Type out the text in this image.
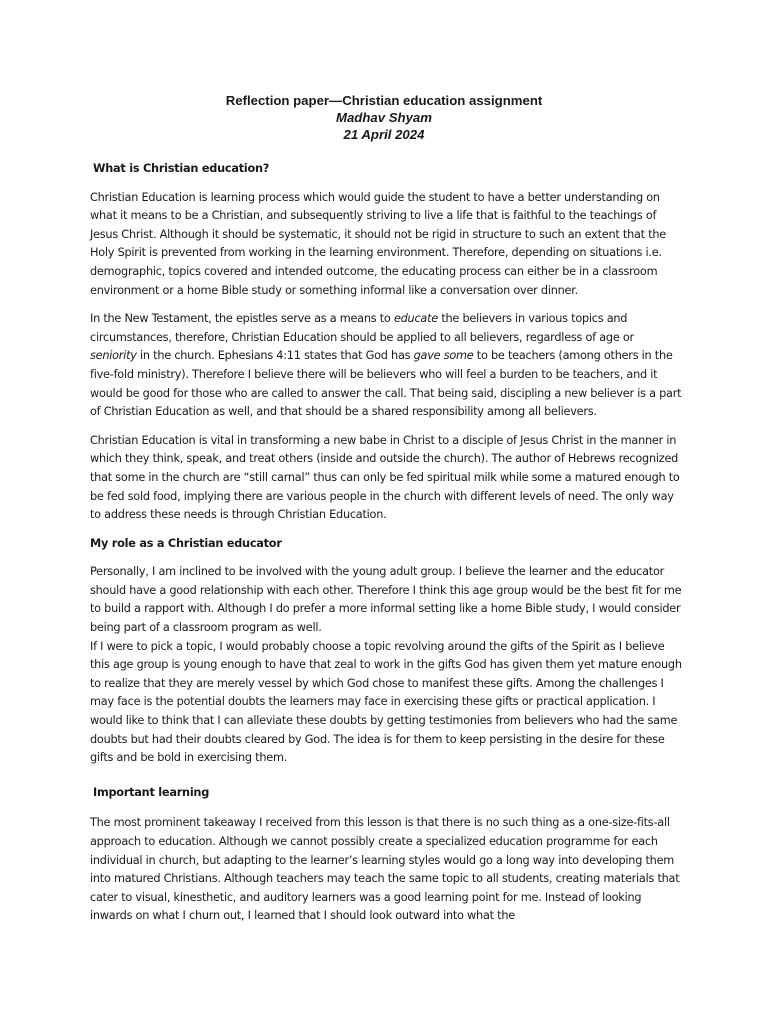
Reflection paper—Christian education assignment
Madhav Shyam
21 April 2024
What is Christian education?

Christian Education is learning process which would guide the student to have a better understanding on what it means to be a Christian, and subsequently striving to live a life that is faithful to the teachings of Jesus Christ. Although it should be systematic, it should not be rigid in structure to such an extent that the Holy Spirit is prevented from working in the learning environment. Therefore, depending on situations i.e. demographic, topics covered and intended outcome, the educating process can either be in a classroom environment or a home Bible study or something informal like a conversation over dinner.

In the New Testament, the epistles serve as a means to educate the believers in various topics and circumstances, therefore, Christian Education should be applied to all believers, regardless of age or seniority in the church. Ephesians 4:11 states that God has gave some to be teachers (among others in the five-fold ministry). Therefore I believe there will be believers who will feel a burden to be teachers, and it would be good for those who are called to answer the call. That being said, discipling a new believer is a part of Christian Education as well, and that should be a shared responsibility among all believers.

Christian Education is vital in transforming a new babe in Christ to a disciple of Jesus Christ in the manner in which they think, speak, and treat others (inside and outside the church). The author of Hebrews recognized that some in the church are “still carnal” thus can only be fed spiritual milk while some a matured enough to be fed sold food, implying there are various people in the church with different levels of need. The only way to address these needs is through Christian Education.

My role as a Christian educator

Personally, I am inclined to be involved with the young adult group. I believe the learner and the educator should have a good relationship with each other. Therefore I think this age group would be the best fit for me to build a rapport with. Although I do prefer a more informal setting like a home Bible study, I would consider being part of a classroom program as well.

If I were to pick a topic, I would probably choose a topic revolving around the gifts of the Spirit as I believe this age group is young enough to have that zeal to work in the gifts God has given them yet mature enough to realize that they are merely vessel by which God chose to manifest these gifts. Among the challenges I may face is the potential doubts the learners may face in exercising these gifts or practical application. I would like to think that I can alleviate these doubts by getting testimonies from believers who had the same doubts but had their doubts cleared by God. The idea is for them to keep persisting in the desire for these gifts and be bold in exercising them.

Important learning

The most prominent takeaway I received from this lesson is that there is no such thing as a one-size-fits-all approach to education. Although we cannot possibly create a specialized education programme for each individual in church, but adapting to the learner’s learning styles would go a long way into developing them into matured Christians. Although teachers may teach the same topic to all students, creating materials that cater to visual, kinesthetic, and auditory learners was a good learning point for me. Instead of looking inwards on what I churn out, I learned that I should look outward into what the
